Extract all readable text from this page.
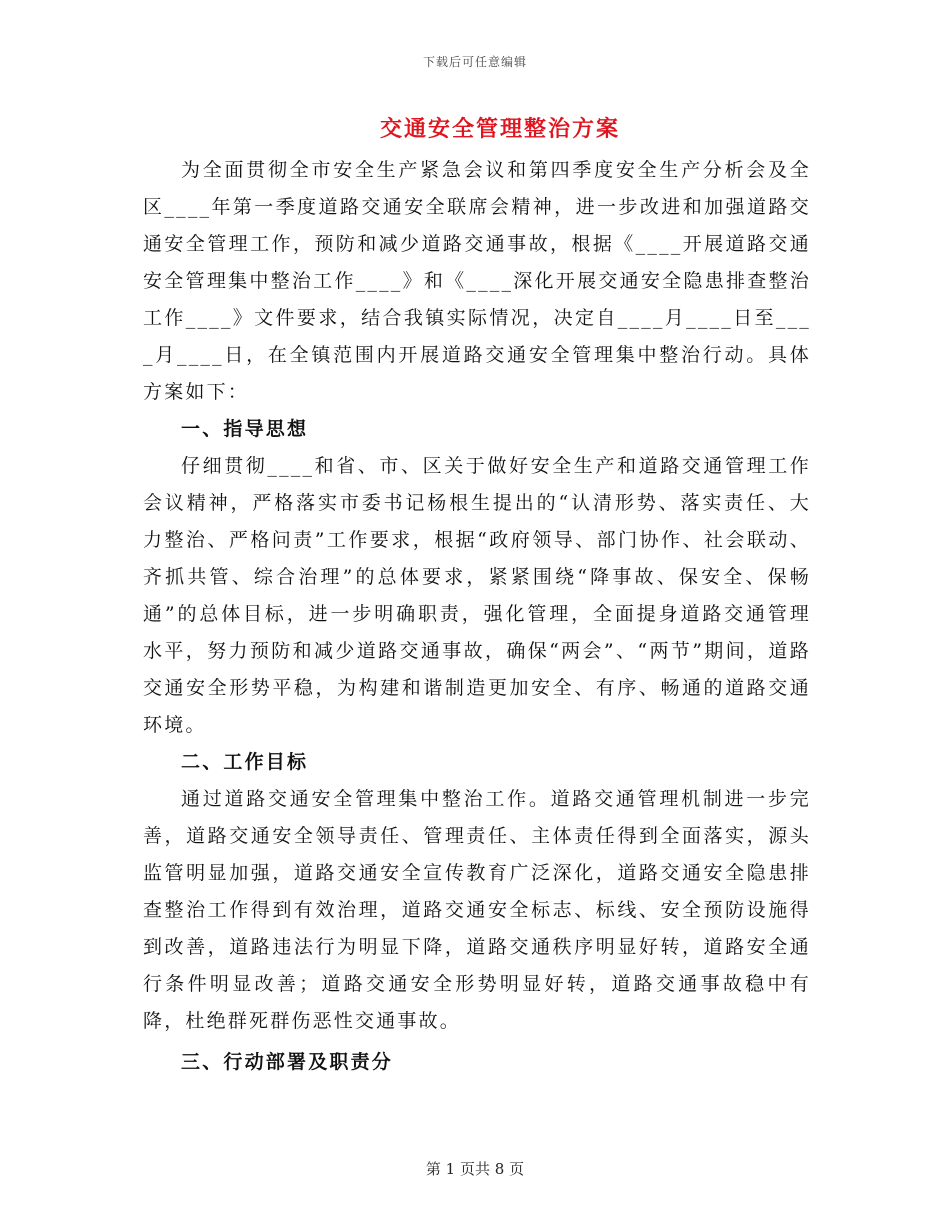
下载后可任意编辑
交通安全管理整治方案

为全面贯彻全市安全生产紧急会议和第四季度安全生产分析会及全区____年第一季度道路交通安全联席会精神，进一步改进和加强道路交通安全管理工作，预防和减少道路交通事故，根据《____开展道路交通安全管理集中整治工作____》和《____深化开展交通安全隐患排查整治工作____》文件要求，结合我镇实际情况，决定自____月____日至____月____日，在全镇范围内开展道路交通安全管理集中整治行动。具体方案如下：

一、指导思想

仔细贯彻____和省、市、区关于做好安全生产和道路交通管理工作会议精神，严格落实市委书记杨根生提出的“认清形势、落实责任、大力整治、严格问责”工作要求，根据“政府领导、部门协作、社会联动、齐抓共管、综合治理”的总体要求，紧紧围绕“降事故、保安全、保畅通”的总体目标，进一步明确职责，强化管理，全面提身道路交通管理水平，努力预防和减少道路交通事故，确保“两会”、“两节”期间，道路交通安全形势平稳，为构建和谐制造更加安全、有序、畅通的道路交通环境。

二、工作目标

通过道路交通安全管理集中整治工作。道路交通管理机制进一步完善，道路交通安全领导责任、管理责任、主体责任得到全面落实，源头监管明显加强，道路交通安全宣传教育广泛深化，道路交通安全隐患排查整治工作得到有效治理，道路交通安全标志、标线、安全预防设施得到改善，道路违法行为明显下降，道路交通秩序明显好转，道路安全通行条件明显改善；道路交通安全形势明显好转，道路交通事故稳中有降，杜绝群死群伤恶性交通事故。

三、行动部署及职责分

第 1 页共 8 页
